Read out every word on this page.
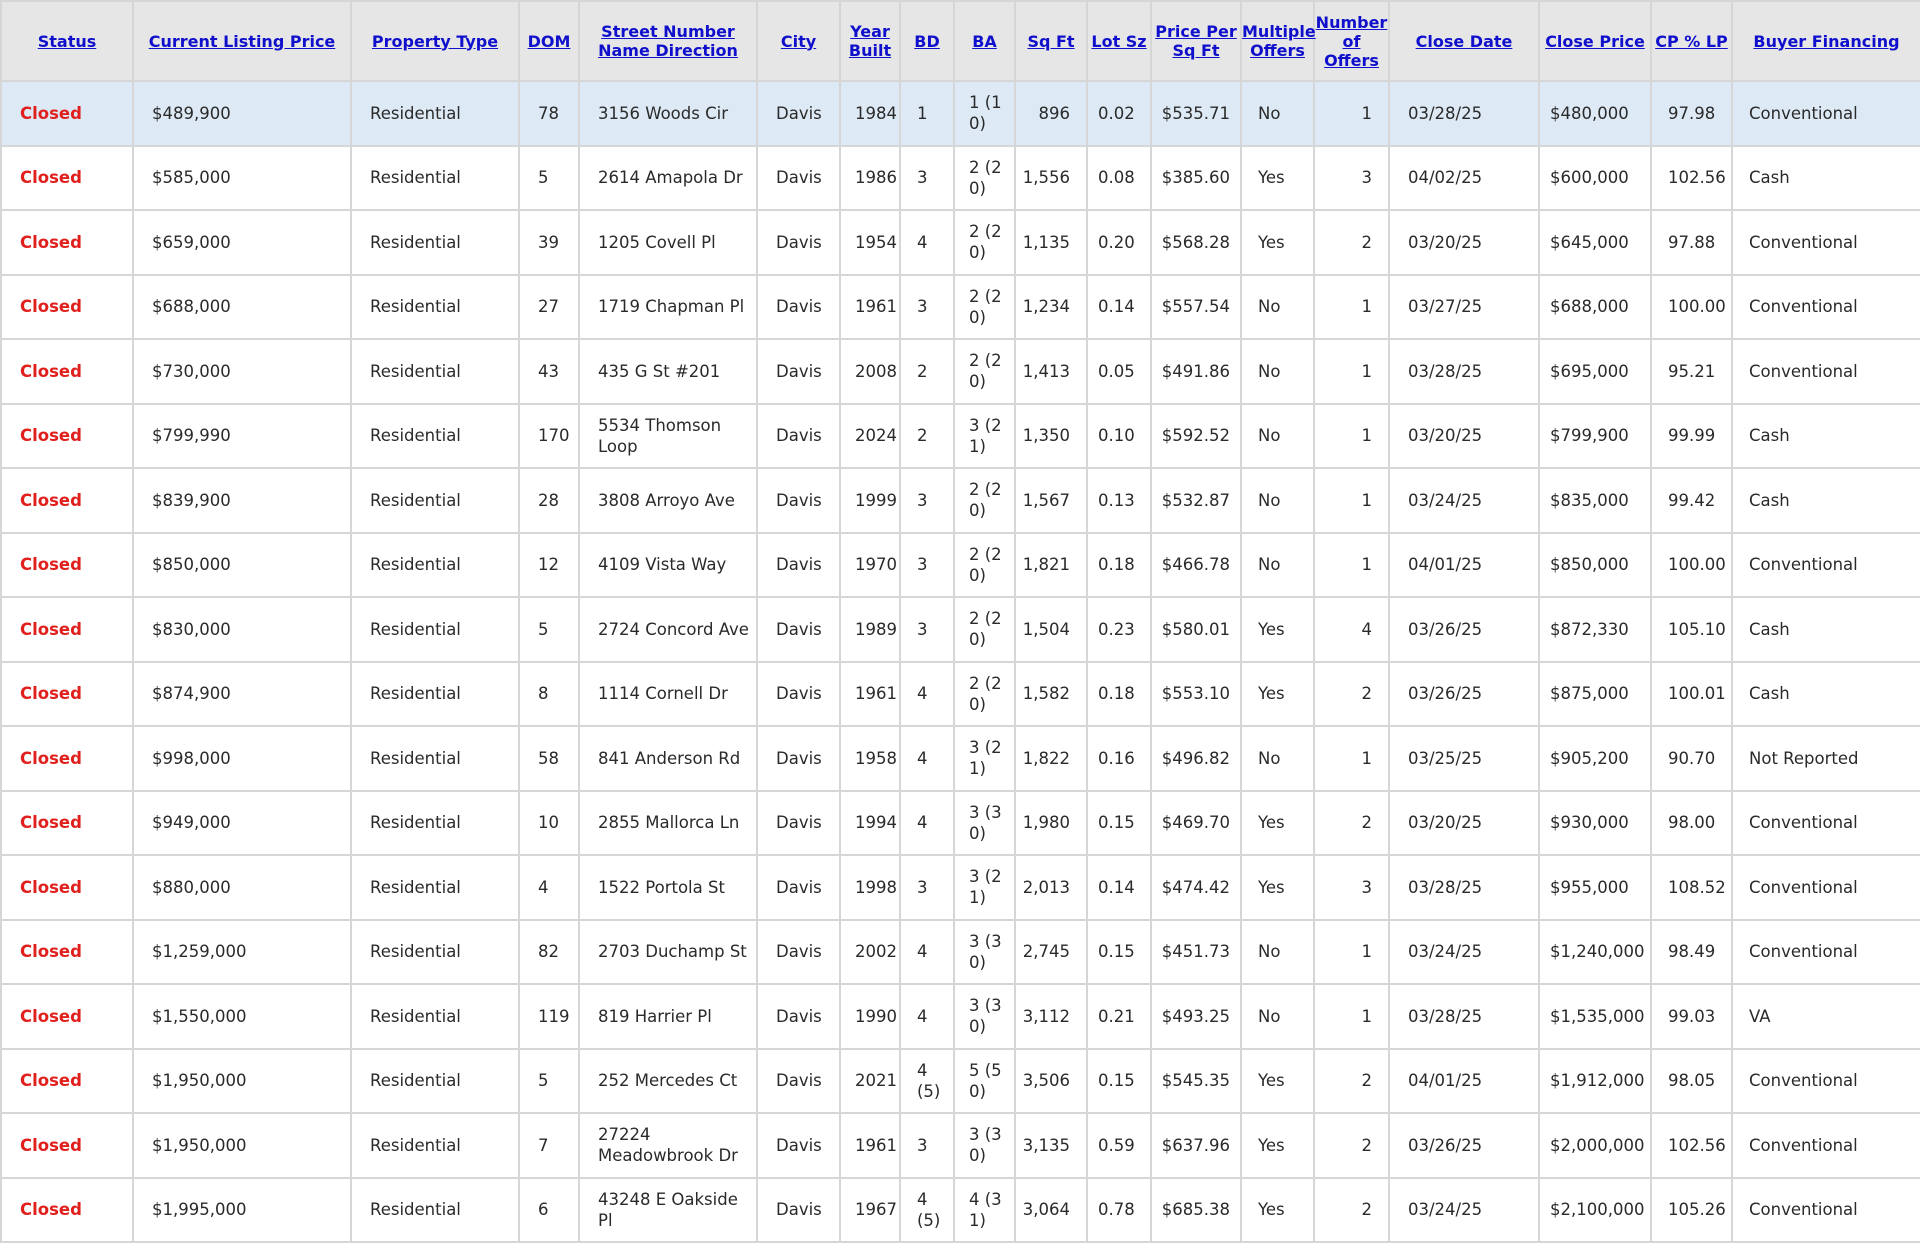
Status	Current Listing Price	Property Type	DOM	Street Number Name Direction	City	Year Built	BD	BA	Sq Ft	Lot Sz	Price Per Sq Ft	Multiple Offers	Number of Offers	Close Date	Close Price	CP % LP	Buyer Financing
Closed	$489,900	Residential	78	3156 Woods Cir	Davis	1984	1	1 (1 0)	896	0.02	$535.71	No	1	03/28/25	$480,000	97.98	Conventional
Closed	$585,000	Residential	5	2614 Amapola Dr	Davis	1986	3	2 (2 0)	1,556	0.08	$385.60	Yes	3	04/02/25	$600,000	102.56	Cash
Closed	$659,000	Residential	39	1205 Covell Pl	Davis	1954	4	2 (2 0)	1,135	0.20	$568.28	Yes	2	03/20/25	$645,000	97.88	Conventional
Closed	$688,000	Residential	27	1719 Chapman Pl	Davis	1961	3	2 (2 0)	1,234	0.14	$557.54	No	1	03/27/25	$688,000	100.00	Conventional
Closed	$730,000	Residential	43	435 G St #201	Davis	2008	2	2 (2 0)	1,413	0.05	$491.86	No	1	03/28/25	$695,000	95.21	Conventional
Closed	$799,990	Residential	170	5534 Thomson Loop	Davis	2024	2	3 (2 1)	1,350	0.10	$592.52	No	1	03/20/25	$799,900	99.99	Cash
Closed	$839,900	Residential	28	3808 Arroyo Ave	Davis	1999	3	2 (2 0)	1,567	0.13	$532.87	No	1	03/24/25	$835,000	99.42	Cash
Closed	$850,000	Residential	12	4109 Vista Way	Davis	1970	3	2 (2 0)	1,821	0.18	$466.78	No	1	04/01/25	$850,000	100.00	Conventional
Closed	$830,000	Residential	5	2724 Concord Ave	Davis	1989	3	2 (2 0)	1,504	0.23	$580.01	Yes	4	03/26/25	$872,330	105.10	Cash
Closed	$874,900	Residential	8	1114 Cornell Dr	Davis	1961	4	2 (2 0)	1,582	0.18	$553.10	Yes	2	03/26/25	$875,000	100.01	Cash
Closed	$998,000	Residential	58	841 Anderson Rd	Davis	1958	4	3 (2 1)	1,822	0.16	$496.82	No	1	03/25/25	$905,200	90.70	Not Reported
Closed	$949,000	Residential	10	2855 Mallorca Ln	Davis	1994	4	3 (3 0)	1,980	0.15	$469.70	Yes	2	03/20/25	$930,000	98.00	Conventional
Closed	$880,000	Residential	4	1522 Portola St	Davis	1998	3	3 (2 1)	2,013	0.14	$474.42	Yes	3	03/28/25	$955,000	108.52	Conventional
Closed	$1,259,000	Residential	82	2703 Duchamp St	Davis	2002	4	3 (3 0)	2,745	0.15	$451.73	No	1	03/24/25	$1,240,000	98.49	Conventional
Closed	$1,550,000	Residential	119	819 Harrier Pl	Davis	1990	4	3 (3 0)	3,112	0.21	$493.25	No	1	03/28/25	$1,535,000	99.03	VA
Closed	$1,950,000	Residential	5	252 Mercedes Ct	Davis	2021	4 (5)	5 (5 0)	3,506	0.15	$545.35	Yes	2	04/01/25	$1,912,000	98.05	Conventional
Closed	$1,950,000	Residential	7	27224 Meadowbrook Dr	Davis	1961	3	3 (3 0)	3,135	0.59	$637.96	Yes	2	03/26/25	$2,000,000	102.56	Conventional
Closed	$1,995,000	Residential	6	43248 E Oakside Pl	Davis	1967	4 (5)	4 (3 1)	3,064	0.78	$685.38	Yes	2	03/24/25	$2,100,000	105.26	Conventional
